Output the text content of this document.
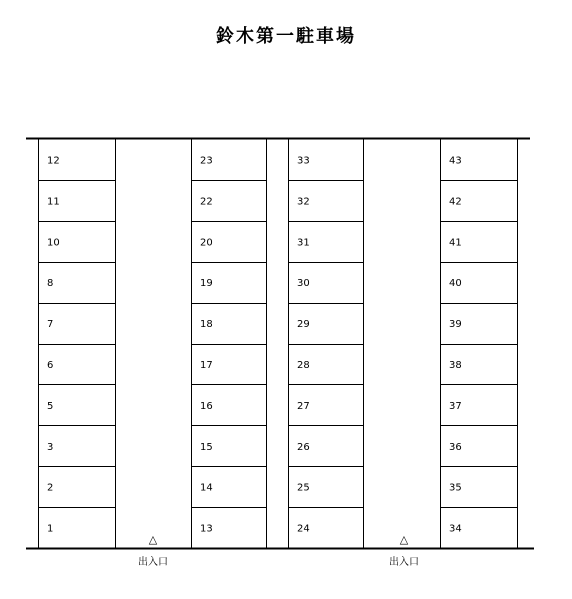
鈴木第一駐車場
12
11
10
8
7
6
5
3
2
1
23
22
20
19
18
17
16
15
14
13
33
32
31
30
29
28
27
26
25
24
43
42
41
40
39
38
37
36
35
34
△
出入口
△
出入口
